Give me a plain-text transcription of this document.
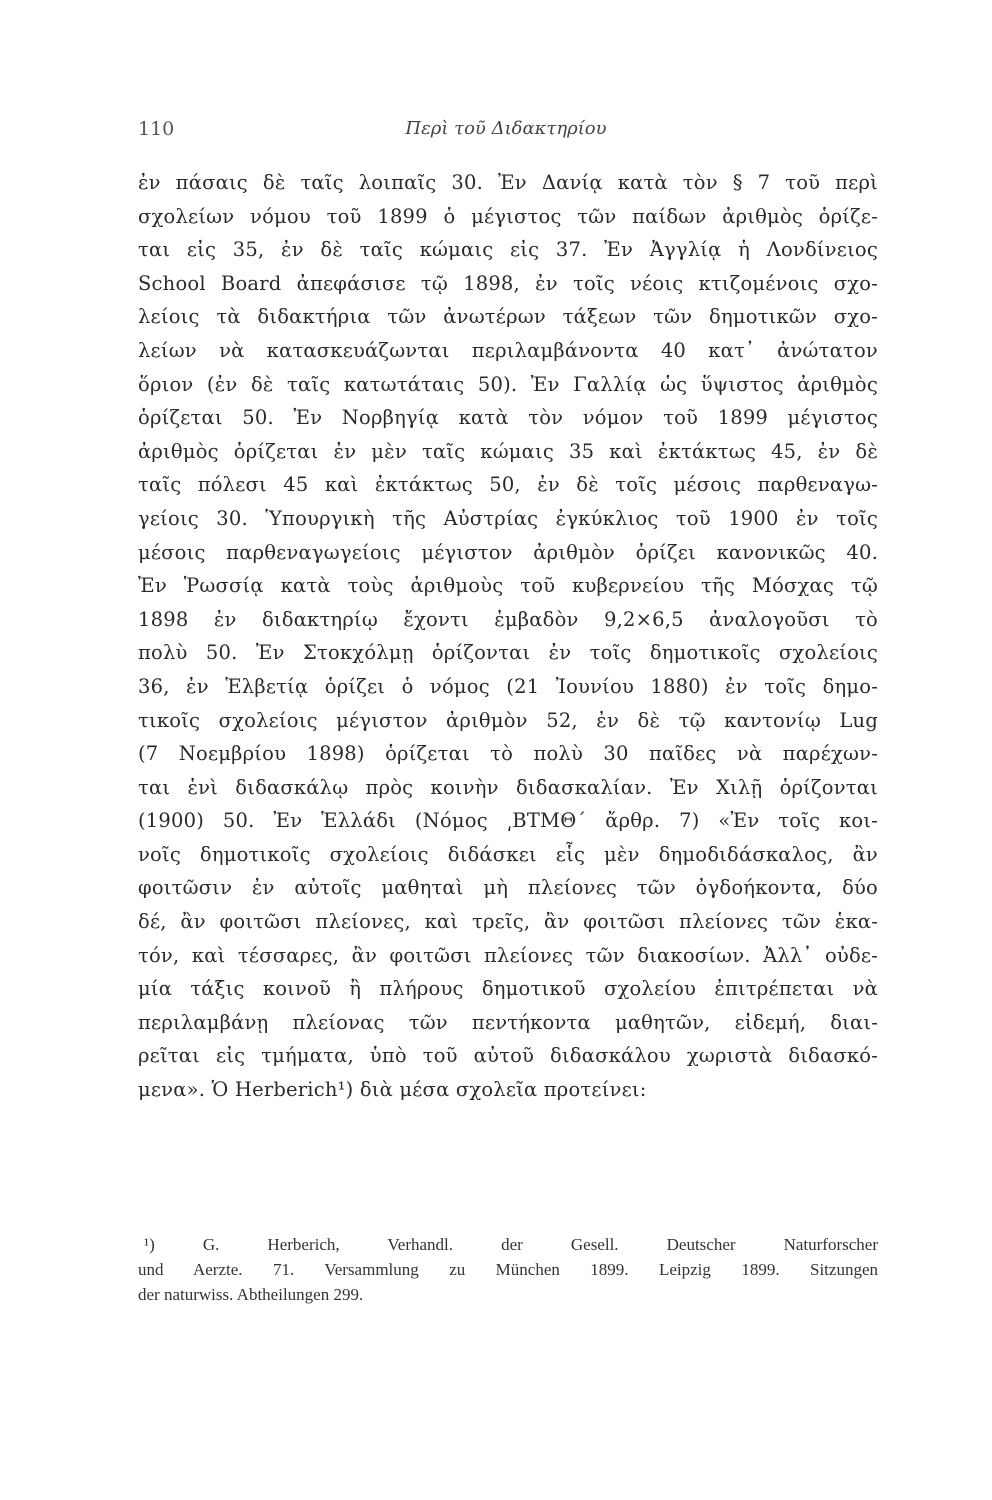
110	Περὶ τοῦ Διδακτηρίου
ἐν πάσαις δὲ ταῖς λοιπαῖς 30. Ἐν Δανίᾳ κατὰ τὸν § 7 τοῦ περὶ
σχολείων νόμου τοῦ 1899 ὁ μέγιστος τῶν παίδων ἀριθμὸς ὁρίζε-
ται εἰς 35, ἐν δὲ ταῖς κώμαις εἰς 37. Ἐν Ἀγγλίᾳ ἡ Λονδίνειος
School Board ἀπεφάσισε τῷ 1898, ἐν τοῖς νέοις κτιζομένοις σχο-
λείοις τὰ διδακτήρια τῶν ἀνωτέρων τάξεων τῶν δημοτικῶν σχο-
λείων νὰ κατασκευάζωνται περιλαμβάνοντα 40 κατ᾽ ἀνώτατον
ὅριον (ἐν δὲ ταῖς κατωτάταις 50). Ἐν Γαλλίᾳ ὡς ὕψιστος ἀριθμὸς
ὁρίζεται 50. Ἐν Νορβηγίᾳ κατὰ τὸν νόμον τοῦ 1899 μέγιστος
ἀριθμὸς ὁρίζεται ἐν μὲν ταῖς κώμαις 35 καὶ ἐκτάκτως 45, ἐν δὲ
ταῖς πόλεσι 45 καὶ ἐκτάκτως 50, ἐν δὲ τοῖς μέσοις παρθεναγω-
γείοις 30. Ὑπουργικὴ τῆς Αὐστρίας ἐγκύκλιος τοῦ 1900 ἐν τοῖς
μέσοις παρθεναγωγείοις μέγιστον ἀριθμὸν ὁρίζει κανονικῶς 40.
Ἐν Ῥωσσίᾳ κατὰ τοὺς ἀριθμοὺς τοῦ κυβερνείου τῆς Μόσχας τῷ
1898 ἐν διδακτηρίῳ ἔχοντι ἐμβαδὸν 9,2×6,5 ἀναλογοῦσι τὸ
πολὺ 50. Ἐν Στοκχόλμῃ ὁρίζονται ἐν τοῖς δημοτικοῖς σχολείοις
36, ἐν Ἑλβετίᾳ ὁρίζει ὁ νόμος (21 Ἰουνίου 1880) ἐν τοῖς δημο-
τικοῖς σχολείοις μέγιστον ἀριθμὸν 52, ἐν δὲ τῷ καντονίῳ Lug
(7 Νοεμβρίου 1898) ὁρίζεται τὸ πολὺ 30 παῖδες νὰ παρέχων-
ται ἑνὶ διδασκάλῳ πρὸς κοινὴν διδασκαλίαν. Ἐν Χιλῇ ὁρίζονται
(1900) 50. Ἐν Ἑλλάδι (Νόμος ͵ΒΤΜΘ΄ ἄρθρ. 7) «Ἐν τοῖς κοι-
νοῖς δημοτικοῖς σχολείοις διδάσκει εἷς μὲν δημοδιδάσκαλος, ἂν
φοιτῶσιν ἐν αὐτοῖς μαθηταὶ μὴ πλείονες τῶν ὀγδοήκοντα, δύο
δέ, ἂν φοιτῶσι πλείονες, καὶ τρεῖς, ἂν φοιτῶσι πλείονες τῶν ἑκα-
τόν, καὶ τέσσαρες, ἂν φοιτῶσι πλείονες τῶν διακοσίων. Ἀλλ᾽ οὐδε-
μία τάξις κοινοῦ ἢ πλήρους δημοτικοῦ σχολείου ἐπιτρέπεται νὰ
περιλαμβάνῃ πλείονας τῶν πεντήκοντα μαθητῶν, εἰδεμή, διαι-
ρεῖται εἰς τμήματα, ὑπὸ τοῦ αὐτοῦ διδασκάλου χωριστὰ διδασκό-
μενα». Ὁ Herberich¹) διὰ μέσα σχολεῖα προτείνει:
¹) G. Herberich, Verhandl. der Gesell. Deutscher Naturforscher
und Aerzte. 71. Versammlung zu München 1899. Leipzig 1899. Sitzungen
der naturwiss. Abtheilungen 299.
